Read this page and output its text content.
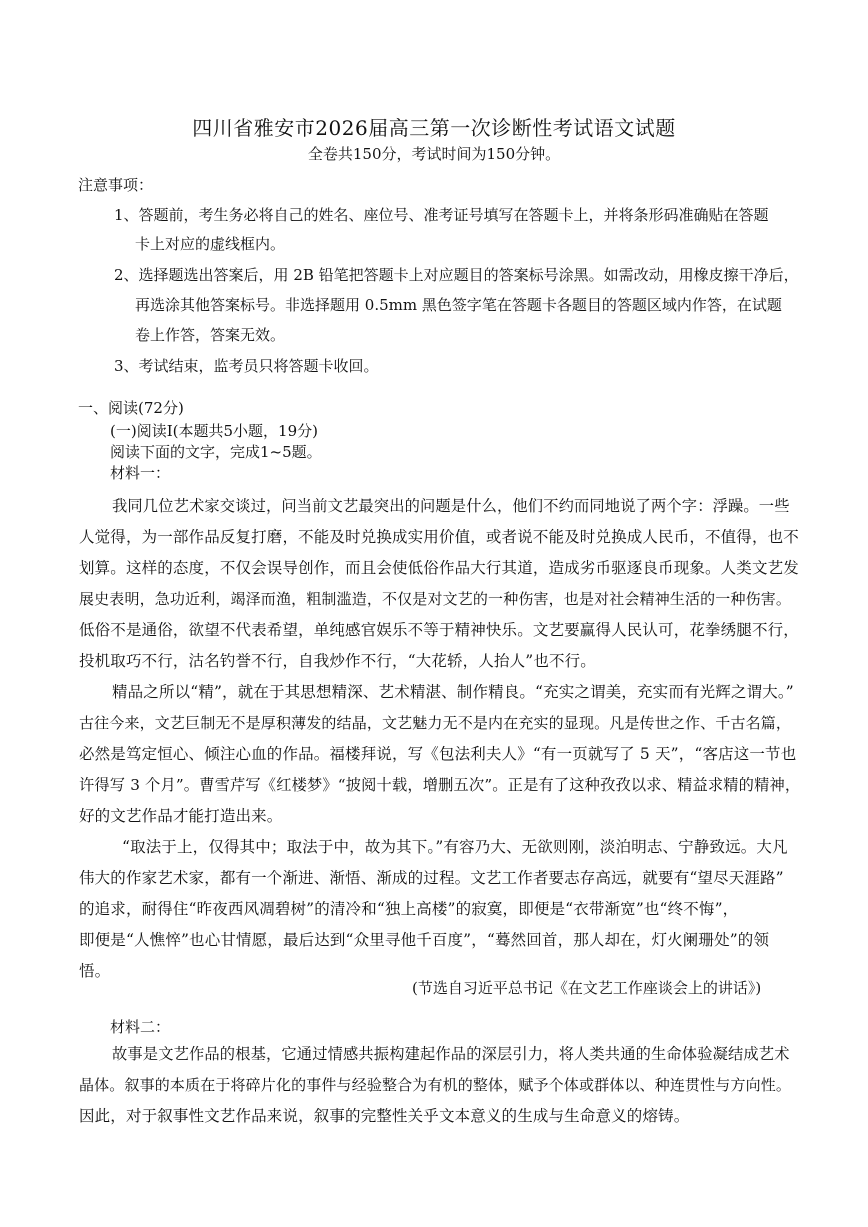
四川省雅安市2026届高三第一次诊断性考试语文试题
全卷共150分，考试时间为150分钟。
注意事项：
1、答题前，考生务必将自己的姓名、座位号、准考证号填写在答题卡上，并将条形码准确贴在答题
卡上对应的虚线框内。
2、选择题选出答案后，用 2B 铅笔把答题卡上对应题目的答案标号涂黑。如需改动，用橡皮擦干净后，
再选涂其他答案标号。非选择题用 0.5mm 黑色签字笔在答题卡各题目的答题区域内作答，在试题
卷上作答，答案无效。
3、考试结束，监考员只将答题卡收回。
一、阅读(72分)
(一)阅读Ⅰ(本题共5小题，19分)
阅读下面的文字，完成1~5题。
材料一：
我同几位艺术家交谈过，问当前文艺最突出的问题是什么，他们不约而同地说了两个字：浮躁。一些
人觉得，为一部作品反复打磨，不能及时兑换成实用价值，或者说不能及时兑换成人民币，不值得，也不
划算。这样的态度，不仅会误导创作，而且会使低俗作品大行其道，造成劣币驱逐良币现象。人类文艺发
展史表明，急功近利，竭泽而渔，粗制滥造，不仅是对文艺的一种伤害，也是对社会精神生活的一种伤害。
低俗不是通俗，欲望不代表希望，单纯感官娱乐不等于精神快乐。文艺要赢得人民认可，花拳绣腿不行，
投机取巧不行，沽名钓誉不行，自我炒作不行，“大花轿，人抬人”也不行。
精品之所以“精”，就在于其思想精深、艺术精湛、制作精良。“充实之谓美，充实而有光辉之谓大。”
古往今来，文艺巨制无不是厚积薄发的结晶，文艺魅力无不是内在充实的显现。凡是传世之作、千古名篇，
必然是笃定恒心、倾注心血的作品。福楼拜说，写《包法利夫人》“有一页就写了 5 天”，“客店这一节也
许得写 3 个月”。曹雪芹写《红楼梦》“披阅十载，增删五次”。正是有了这种孜孜以求、精益求精的精神，
好的文艺作品才能打造出来。
“取法于上，仅得其中；取法于中，故为其下。”有容乃大、无欲则刚，淡泊明志、宁静致远。大凡
伟大的作家艺术家，都有一个渐进、渐悟、渐成的过程。文艺工作者要志存高远，就要有“望尽天涯路”
的追求，耐得住“昨夜西风凋碧树”的清冷和“独上高楼”的寂寞，即便是“衣带渐宽”也“终不悔”，
即便是“人憔悴”也心甘情愿，最后达到“众里寻他千百度”，“蓦然回首，那人却在，灯火阑珊处”的领
悟。
(节选自习近平总书记《在文艺工作座谈会上的讲话》)
材料二：
故事是文艺作品的根基，它通过情感共振构建起作品的深层引力，将人类共通的生命体验凝结成艺术
晶体。叙事的本质在于将碎片化的事件与经验整合为有机的整体，赋予个体或群体以、种连贯性与方向性。
因此，对于叙事性文艺作品来说，叙事的完整性关乎文本意义的生成与生命意义的熔铸。
